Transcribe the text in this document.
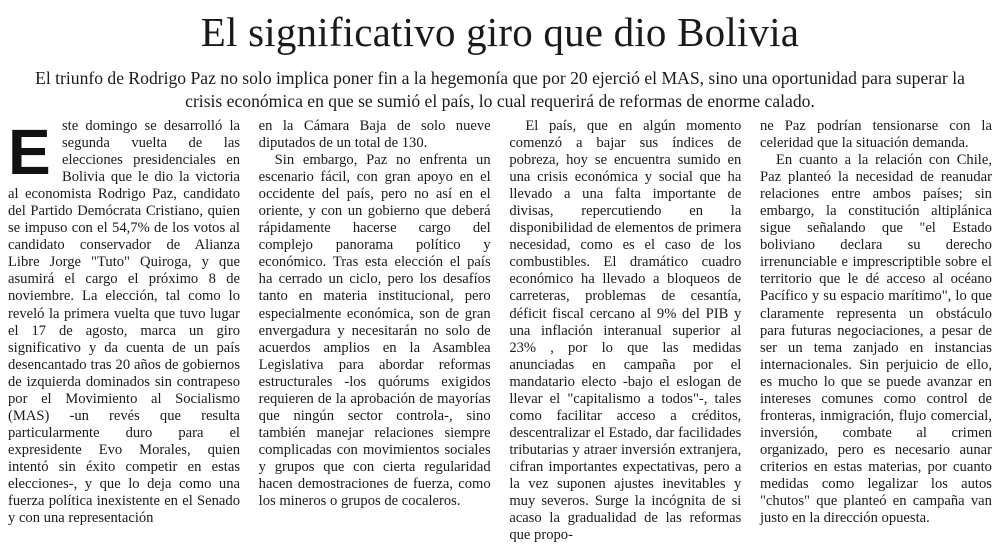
El significativo giro que dio Bolivia
El triunfo de Rodrigo Paz no solo implica poner fin a la hegemonía que por 20 ejerció el MAS, sino una oportunidad para superar la crisis económica en que se sumió el país, lo cual requerirá de reformas de enorme calado.

Este domingo se desarrolló la segunda vuelta de las elecciones presidenciales en Bolivia que le dio la victoria al economista Rodrigo Paz, candidato del Partido Demócrata Cristiano, quien se impuso con el 54,7% de los votos al candidato conservador de Alianza Libre Jorge "Tuto" Quiroga, y que asumirá el cargo el próximo 8 de noviembre. La elección, tal como lo reveló la primera vuelta que tuvo lugar el 17 de agosto, marca un giro significativo y da cuenta de un país desencantado tras 20 años de gobiernos de izquierda dominados sin contrapeso por el Movimiento al Socialismo (MAS) -un revés que resulta particularmente duro para el expresidente Evo Morales, quien intentó sin éxito competir en estas elecciones-, y que lo deja como una fuerza política inexistente en el Senado y con una representación

en la Cámara Baja de solo nueve diputados de un total de 130.

Sin embargo, Paz no enfrenta un escenario fácil, con gran apoyo en el occidente del país, pero no así en el oriente, y con un gobierno que deberá rápidamente hacerse cargo del complejo panorama político y económico. Tras esta elección el país ha cerrado un ciclo, pero los desafíos tanto en materia institucional, pero especialmente económica, son de gran envergadura y necesitarán no solo de acuerdos amplios en la Asamblea Legislativa para abordar reformas estructurales -los quórums exigidos requieren de la aprobación de mayorías que ningún sector controla-, sino también manejar relaciones siempre complicadas con movimientos sociales y grupos que con cierta regularidad hacen demostraciones de fuerza, como los mineros o grupos de cocaleros.

El país, que en algún momento comenzó a bajar sus índices de pobreza, hoy se encuentra sumido en una crisis económica y social que ha llevado a una falta importante de divisas, repercutiendo en la disponibilidad de elementos de primera necesidad, como es el caso de los combustibles. El dramático cuadro económico ha llevado a bloqueos de carreteras, problemas de cesantía, déficit fiscal cercano al 9% del PIB y una inflación interanual superior al 23% , por lo que las medidas anunciadas en campaña por el mandatario electo -bajo el eslogan de llevar el "capitalismo a todos"-, tales como facilitar acceso a créditos, descentralizar el Estado, dar facilidades tributarias y atraer inversión extranjera, cifran importantes expectativas, pero a la vez suponen ajustes inevitables y muy severos. Surge la incógnita de si acaso la gradualidad de las reformas que propo-

ne Paz podrían tensionarse con la celeridad que la situación demanda.

En cuanto a la relación con Chile, Paz planteó la necesidad de reanudar relaciones entre ambos países; sin embargo, la constitución altiplánica sigue señalando que "el Estado boliviano declara su derecho irrenunciable e imprescriptible sobre el territorio que le dé acceso al océano Pacífico y su espacio marítimo", lo que claramente representa un obstáculo para futuras negociaciones, a pesar de ser un tema zanjado en instancias internacionales. Sin perjuicio de ello, es mucho lo que se puede avanzar en intereses comunes como control de fronteras, inmigración, flujo comercial, inversión, combate al crimen organizado, pero es necesario aunar criterios en estas materias, por cuanto medidas como legalizar los autos "chutos" que planteó en campaña van justo en la dirección opuesta.
